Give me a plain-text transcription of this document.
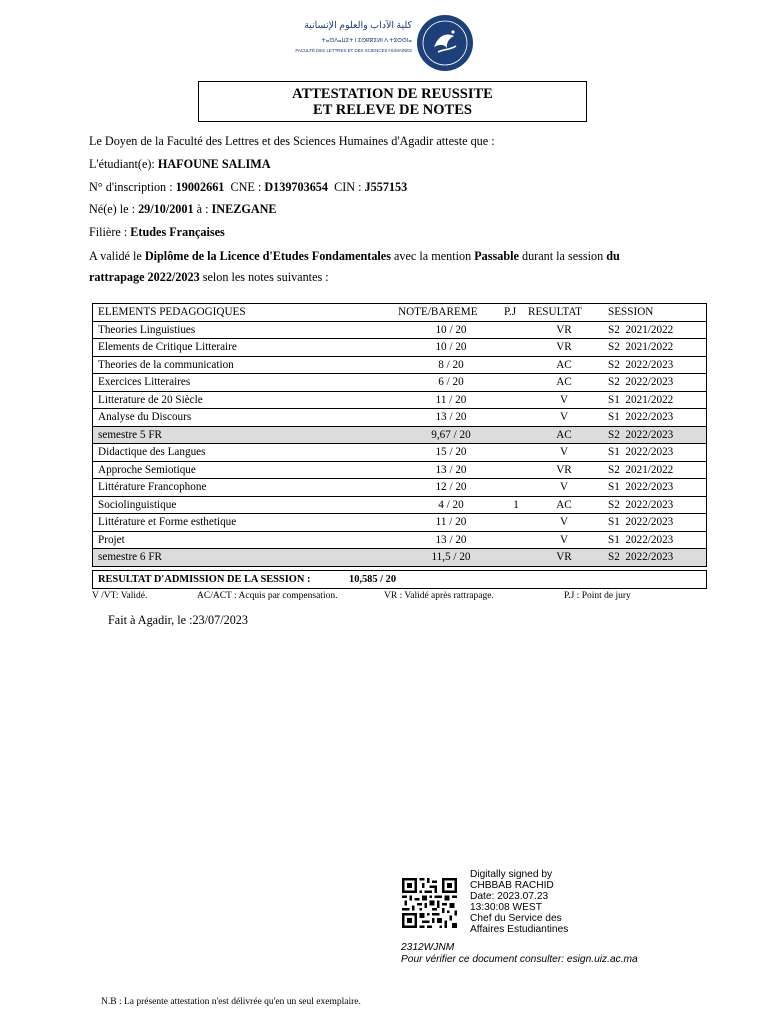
كلية الآداب والعلوم الإنسانية
ⵜⴰⵙⴷⴰⵡⵉⵜ ⵏ ⵉⵙⴽⴽⵉⵍⵏ ⴷ ⵜⵓⵙⵙⵏⴰ
FACULTÉ DES LETTRES ET DES SCIENCES HUMAINES
ATTESTATION DE REUSSITE
ET RELEVE DE NOTES
Le Doyen de la Faculté des Lettres et des Sciences Humaines d'Agadir atteste que :
L'étudiant(e): HAFOUNE SALIMA
N° d'inscription : 19002661 CNE : D139703654 CIN : J557153
Né(e) le : 29/10/2001 à : INEZGANE
Filière : Etudes Françaises
A validé le Diplôme de la Licence d'Etudes Fondamentales avec la mention Passable durant la session du
rattrapage 2022/2023 selon les notes suivantes :
ELEMENTS PEDAGOGIQUES	NOTE/BAREME	P.J	RESULTAT	SESSION
Theories Linguistiues	10 / 20		VR	S2  2021/2022
Elements de Critique Litteraire	10 / 20		VR	S2  2021/2022
Theories de la communication	8 / 20		AC	S2  2022/2023
Exercices Litteraires	6 / 20		AC	S2  2022/2023
Litterature de 20 Siècle	11 / 20		V	S1  2021/2022
Analyse du Discours	13 / 20		V	S1  2022/2023
semestre 5 FR	9,67 / 20		AC	S2  2022/2023
Didactique des Langues	15 / 20		V	S1  2022/2023
Approche Semiotique	13 / 20		VR	S2  2021/2022
Littérature Francophone	12 / 20		V	S1  2022/2023
Sociolinguistique	4 / 20	1	AC	S2  2022/2023
Littérature et Forme esthetique	11 / 20		V	S1  2022/2023
Projet	13 / 20		V	S1  2022/2023
semestre 6 FR	11,5 / 20		VR	S2  2022/2023
RESULTAT D'ADMISSION DE LA SESSION :	10,585 / 20
V /VT: Validé.	AC/ACT : Acquis par compensation.	VR : Validé après rattrapage.	P.J : Point de jury
Fait à Agadir, le :23/07/2023
Digitally signed by
CHBBAB RACHID
Date: 2023.07.23
13:30:08 WEST
Chef du Service des
Affaires Estudiantines
2312WJNM
Pour vérifier ce document consulter: esign.uiz.ac.ma
N.B : La présente attestation n'est délivrée qu'en un seul exemplaire.
